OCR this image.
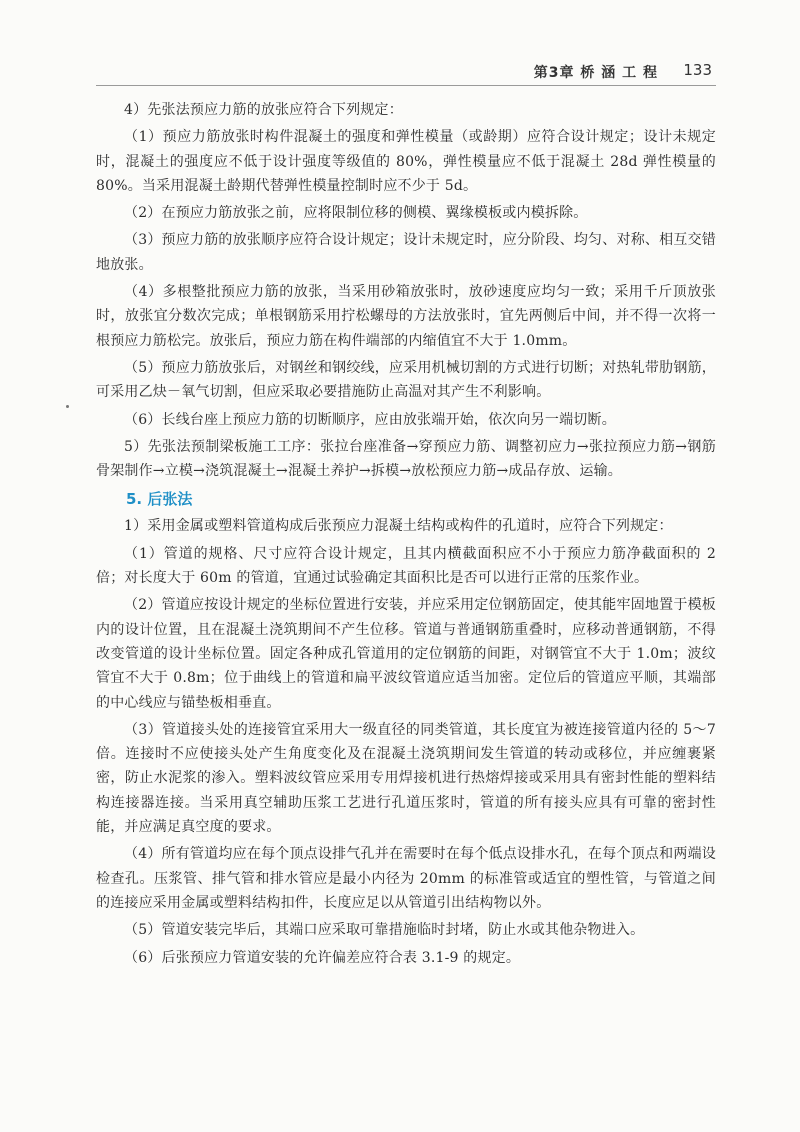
第3章 桥 涵 工 程 133

4）先张法预应力筋的放张应符合下列规定：

（1）预应力筋放张时构件混凝土的强度和弹性模量（或龄期）应符合设计规定；设计未规定时，混凝土的强度应不低于设计强度等级值的 80%，弹性模量应不低于混凝土 28d 弹性模量的 80%。当采用混凝土龄期代替弹性模量控制时应不少于 5d。

（2）在预应力筋放张之前，应将限制位移的侧模、翼缘模板或内模拆除。

（3）预应力筋的放张顺序应符合设计规定；设计未规定时，应分阶段、均匀、对称、相互交错地放张。

（4）多根整批预应力筋的放张，当采用砂箱放张时，放砂速度应均匀一致；采用千斤顶放张时，放张宜分数次完成；单根钢筋采用拧松螺母的方法放张时，宜先两侧后中间，并不得一次将一根预应力筋松完。放张后，预应力筋在构件端部的内缩值宜不大于 1.0mm。

（5）预应力筋放张后，对钢丝和钢绞线，应采用机械切割的方式进行切断；对热轧带肋钢筋，可采用乙炔－氧气切割，但应采取必要措施防止高温对其产生不利影响。

（6）长线台座上预应力筋的切断顺序，应由放张端开始，依次向另一端切断。

5）先张法预制梁板施工工序：张拉台座准备→穿预应力筋、调整初应力→张拉预应力筋→钢筋骨架制作→立模→浇筑混凝土→混凝土养护→拆模→放松预应力筋→成品存放、运输。

5. 后张法

1）采用金属或塑料管道构成后张预应力混凝土结构或构件的孔道时，应符合下列规定：

（1）管道的规格、尺寸应符合设计规定，且其内横截面积应不小于预应力筋净截面积的 2 倍；对长度大于 60m 的管道，宜通过试验确定其面积比是否可以进行正常的压浆作业。

（2）管道应按设计规定的坐标位置进行安装，并应采用定位钢筋固定，使其能牢固地置于模板内的设计位置，且在混凝土浇筑期间不产生位移。管道与普通钢筋重叠时，应移动普通钢筋，不得改变管道的设计坐标位置。固定各种成孔管道用的定位钢筋的间距，对钢管宜不大于 1.0m；波纹管宜不大于 0.8m；位于曲线上的管道和扁平波纹管道应适当加密。定位后的管道应平顺，其端部的中心线应与锚垫板相垂直。

（3）管道接头处的连接管宜采用大一级直径的同类管道，其长度宜为被连接管道内径的 5～7 倍。连接时不应使接头处产生角度变化及在混凝土浇筑期间发生管道的转动或移位，并应缠裹紧密，防止水泥浆的渗入。塑料波纹管应采用专用焊接机进行热熔焊接或采用具有密封性能的塑料结构连接器连接。当采用真空辅助压浆工艺进行孔道压浆时，管道的所有接头应具有可靠的密封性能，并应满足真空度的要求。

（4）所有管道均应在每个顶点设排气孔并在需要时在每个低点设排水孔，在每个顶点和两端设检查孔。压浆管、排气管和排水管应是最小内径为 20mm 的标准管或适宜的塑性管，与管道之间的连接应采用金属或塑料结构扣件，长度应足以从管道引出结构物以外。

（5）管道安装完毕后，其端口应采取可靠措施临时封堵，防止水或其他杂物进入。

（6）后张预应力管道安装的允许偏差应符合表 3.1-9 的规定。
